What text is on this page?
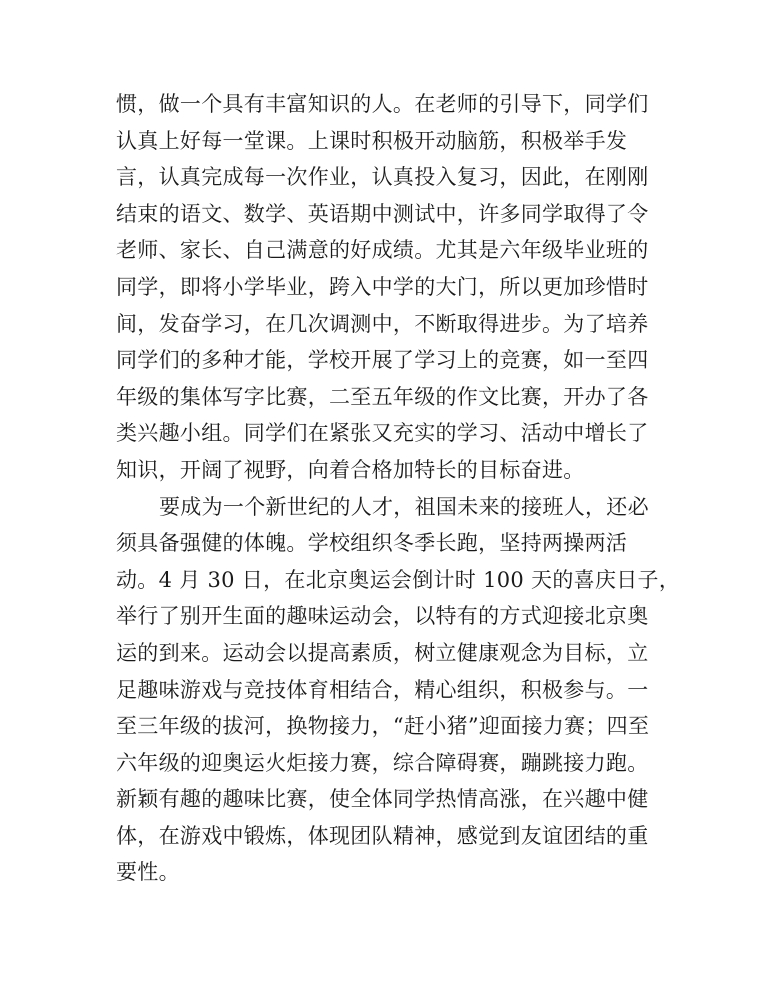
惯，做一个具有丰富知识的人。在老师的引导下，同学们
认真上好每一堂课。上课时积极开动脑筋，积极举手发
言，认真完成每一次作业，认真投入复习，因此，在刚刚
结束的语文、数学、英语期中测试中，许多同学取得了令
老师、家长、自己满意的好成绩。尤其是六年级毕业班的
同学，即将小学毕业，跨入中学的大门，所以更加珍惜时
间，发奋学习，在几次调测中，不断取得进步。为了培养
同学们的多种才能，学校开展了学习上的竞赛，如一至四
年级的集体写字比赛，二至五年级的作文比赛，开办了各
类兴趣小组。同学们在紧张又充实的学习、活动中增长了
知识，开阔了视野，向着合格加特长的目标奋进。
要成为一个新世纪的人才，祖国未来的接班人，还必
须具备强健的体魄。学校组织冬季长跑，坚持两操两活
动。4 月 30 日，在北京奥运会倒计时 100 天的喜庆日子，
举行了别开生面的趣味运动会，以特有的方式迎接北京奥
运的到来。运动会以提高素质，树立健康观念为目标，立
足趣味游戏与竞技体育相结合，精心组织，积极参与。一
至三年级的拔河，换物接力，“赶小猪”迎面接力赛；四至
六年级的迎奥运火炬接力赛，综合障碍赛，蹦跳接力跑。
新颖有趣的趣味比赛，使全体同学热情高涨，在兴趣中健
体，在游戏中锻炼，体现团队精神，感觉到友谊团结的重
要性。
